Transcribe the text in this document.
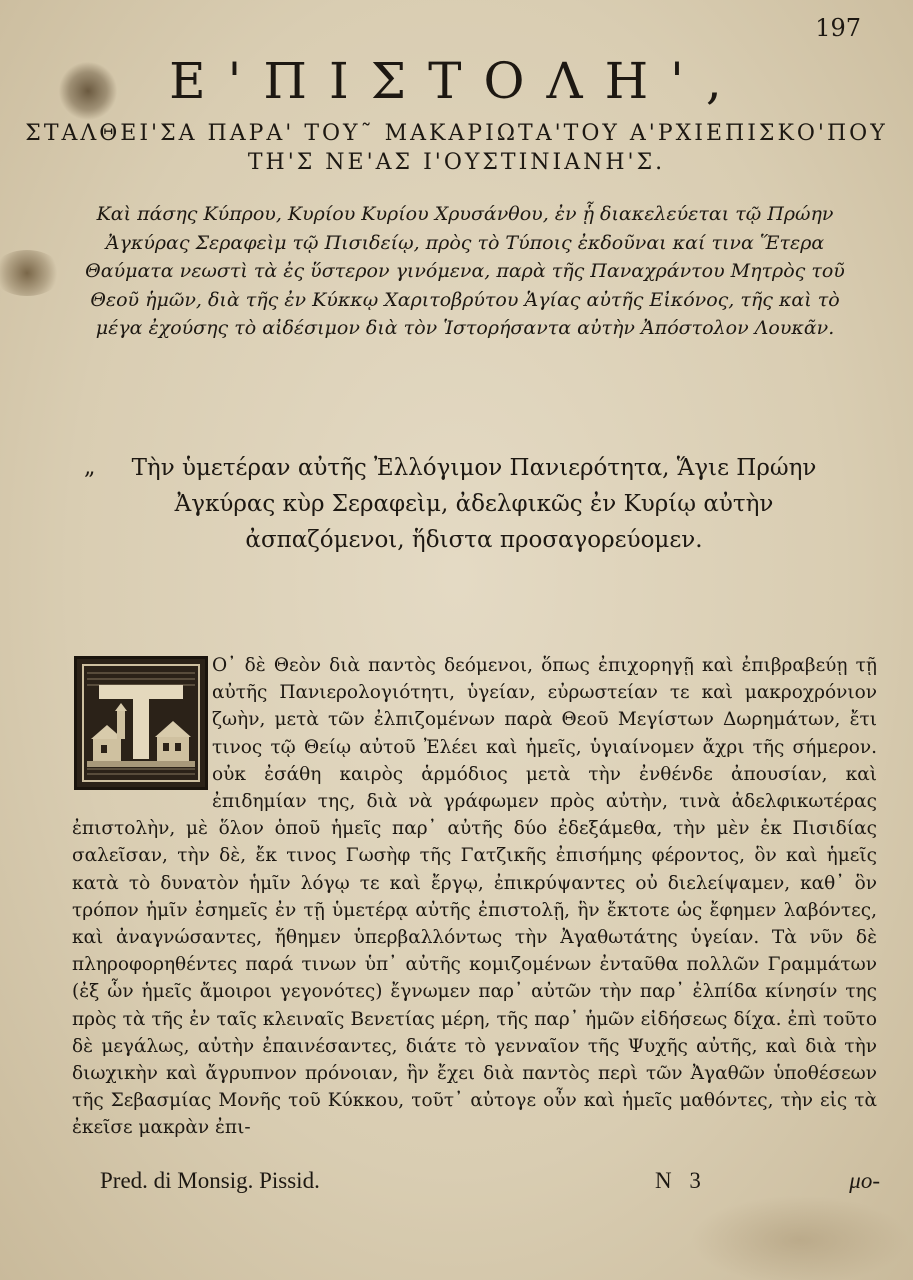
197
Ε'ΠΙΣΤΟΛΗ',
ΣΤΑΛΘΕΙ'ΣΑ ΠΑΡΑ' ΤΟΥ˜ ΜΑΚΑΡΙΩΤΑ'ΤΟΥ Α'ΡΧΙΕΠΙΣΚΟ'ΠΟΥ
ΤΗ'Σ ΝΕ'ΑΣ Ι'ΟΥΣΤΙΝΙΑΝΗ'Σ.
Καὶ πάσης Κύπρου, Κυρίου Κυρίου Χρυσάνθου, ἐν ᾗ διακελεύεται τῷ Πρώην Ἀγκύρας Σεραφεὶμ τῷ Πισιδείῳ, πρὸς τὸ Τύποις ἐκδοῦναι καί τινα Ἕτερα Θαύματα νεωστὶ τὰ ἐς ὕστερον γινόμενα, παρὰ τῆς Παναχράντου Μητρὸς τοῦ Θεοῦ ἡμῶν, διὰ τῆς ἐν Κύκκῳ Χαριτοβρύτου Ἁγίας αὐτῆς Εἰκόνος, τῆς καὶ τὸ μέγα ἐχούσης τὸ αἰδέσιμον διὰ τὸν Ἱστορήσαντα αὐτὴν Ἀπόστολον Λουκᾶν.
„	Τὴν ὑμετέραν αὐτῆς Ἐλλόγιμον Πανιερότητα, Ἅγιε Πρώην
Ἀγκύρας κὺρ Σεραφεὶμ, ἀδελφικῶς ἐν Κυρίῳ αὐτὴν
ἀσπαζόμενοι, ἥδιστα προσαγορεύομεν.
Ο᾽ δὲ Θεὸν διὰ παντὸς δεόμενοι, ὅπως ἐπιχορηγῇ καὶ ἐπιβραβεύῃ τῇ αὐτῆς Πανιερολογιότητι, ὑγείαν, εὐρωστείαν τε καὶ μακροχρόνιον ζωὴν, μετὰ τῶν ἐλπιζομένων παρὰ Θεοῦ Μεγίστων Δωρημάτων, ἔτι τινος τῷ Θείῳ αὐτοῦ Ἐλέει καὶ ἡμεῖς, ὑγιαίνομεν ἄχρι τῆς σήμερον. οὐκ ἐσάθη καιρὸς ἁρμόδιος μετὰ τὴν ἐνθένδε ἀπουσίαν, καὶ ἐπιδημίαν της, διὰ νὰ γράφωμεν πρὸς αὐτὴν, τινὰ ἀδελφικωτέρας ἐπιστολὴν, μὲ ὅλον ὁποῦ ἡμεῖς παρ᾽ αὐτῆς δύο ἐδεξάμεθα, τὴν μὲν ἐκ Πισιδίας σαλεῖσαν, τὴν δὲ, ἔκ τινος Γωσὴφ τῆς Γατζικῆς ἐπισήμης φέροντος, ὃν καὶ ἡμεῖς κατὰ τὸ δυνατὸν ἡμῖν λόγῳ τε καὶ ἔργῳ, ἐπικρύψαντες οὐ διελείψαμεν, καθ᾽ ὃν τρόπον ἡμῖν ἐσημεῖς ἐν τῇ ὑμετέρᾳ αὐτῆς ἐπιστολῇ, ἣν ἔκτοτε ὡς ἔφημεν λαβόντες, καὶ ἀναγνώσαντες, ἤθημεν ὑπερβαλλόντως τὴν Ἀγαθωτάτης ὑγείαν. Τὰ νῦν δὲ πληροφορηθέντες παρά τινων ὑπ᾽ αὐτῆς κομιζομένων ἐνταῦθα πολλῶν Γραμμάτων (ἐξ ὧν ἡμεῖς ἄμοιροι γεγονότες) ἔγνωμεν παρ᾽ αὐτῶν τὴν παρ᾽ ἐλπίδα κίνησίν της πρὸς τὰ τῆς ἐν ταῖς κλειναῖς Βενετίας μέρη, τῆς παρ᾽ ἡμῶν εἰδήσεως δίχα. ἐπὶ τοῦτο δὲ μεγάλως, αὐτὴν ἐπαινέσαντες, διάτε τὸ γενναῖον τῆς Ψυχῆς αὐτῆς, καὶ διὰ τὴν διωχικὴν καὶ ἄγρυπνον πρόνοιαν, ἣν ἔχει διὰ παντὸς περὶ τῶν Ἀγαθῶν ὑποθέσεων τῆς Σεβασμίας Μονῆς τοῦ Κύκκου, τοῦτ᾽ αὐτογε οὖν καὶ ἡμεῖς μαθόντες, τὴν εἰς τὰ ἐκεῖσε μακρὰν ἐπι-
Pred. di Monsig. Pissid.	N 3	μο-
